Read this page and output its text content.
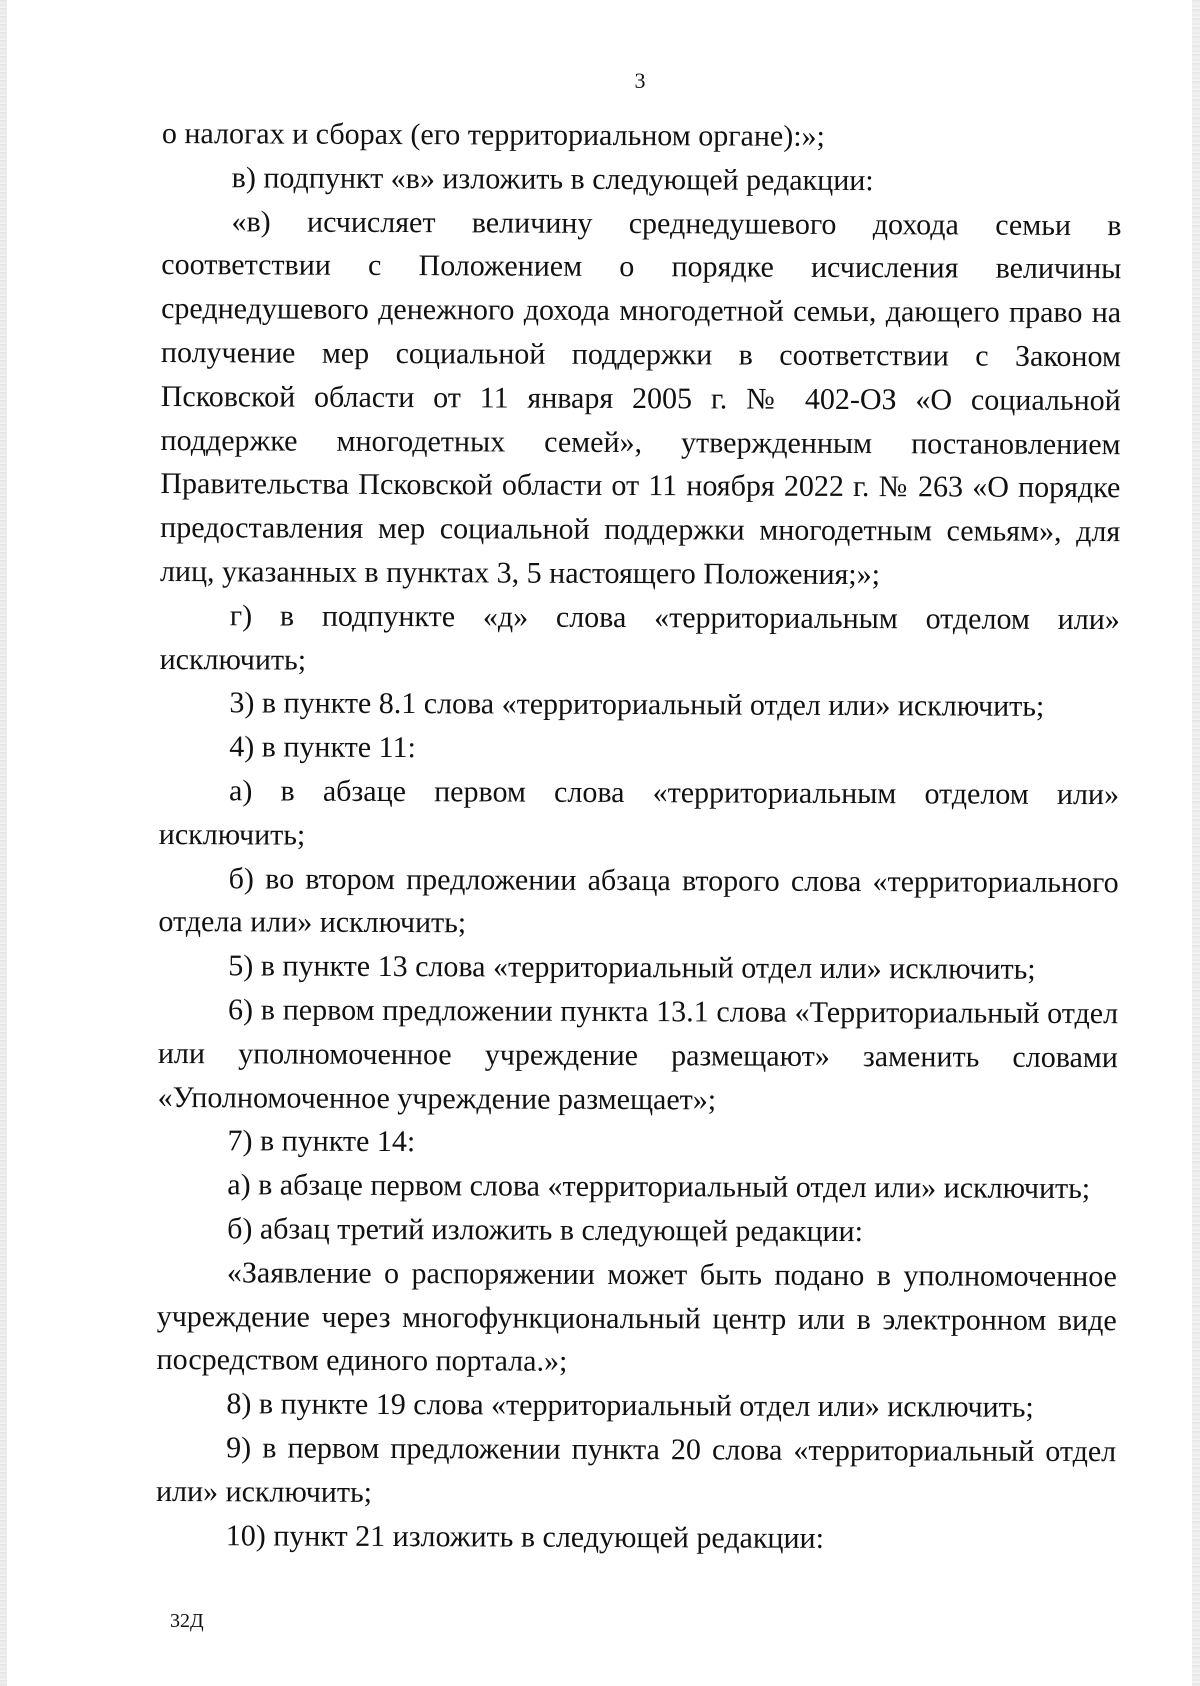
3

о налогах и сборах (его территориальном органе):»;

в) подпункт «в» изложить в следующей редакции:

«в) исчисляет величину среднедушевого дохода семьи в соответствии с Положением о порядке исчисления величины среднедушевого денежного дохода многодетной семьи, дающего право на получение мер социальной поддержки в соответствии с Законом Псковской области от 11 января 2005 г. № 402-ОЗ «О социальной поддержке многодетных семей», утвержденным постановлением Правительства Псковской области от 11 ноября 2022 г. № 263 «О порядке предоставления мер социальной поддержки многодетным семьям», для лиц, указанных в пунктах 3, 5 настоящего Положения;»;

г) в подпункте «д» слова «территориальным отделом или» исключить;

3) в пункте 8.1 слова «территориальный отдел или» исключить;

4) в пункте 11:

а) в абзаце первом слова «территориальным отделом или» исключить;

б) во втором предложении абзаца второго слова «территориального отдела или» исключить;

5) в пункте 13 слова «территориальный отдел или» исключить;

6) в первом предложении пункта 13.1 слова «Территориальный отдел или уполномоченное учреждение размещают» заменить словами «Уполномоченное учреждение размещает»;

7) в пункте 14:

а) в абзаце первом слова «территориальный отдел или» исключить;

б) абзац третий изложить в следующей редакции:

«Заявление о распоряжении может быть подано в уполномоченное учреждение через многофункциональный центр или в электронном виде посредством единого портала.»;

8) в пункте 19 слова «территориальный отдел или» исключить;

9) в первом предложении пункта 20 слова «территориальный отдел или» исключить;

10) пункт 21 изложить в следующей редакции:

32Д
